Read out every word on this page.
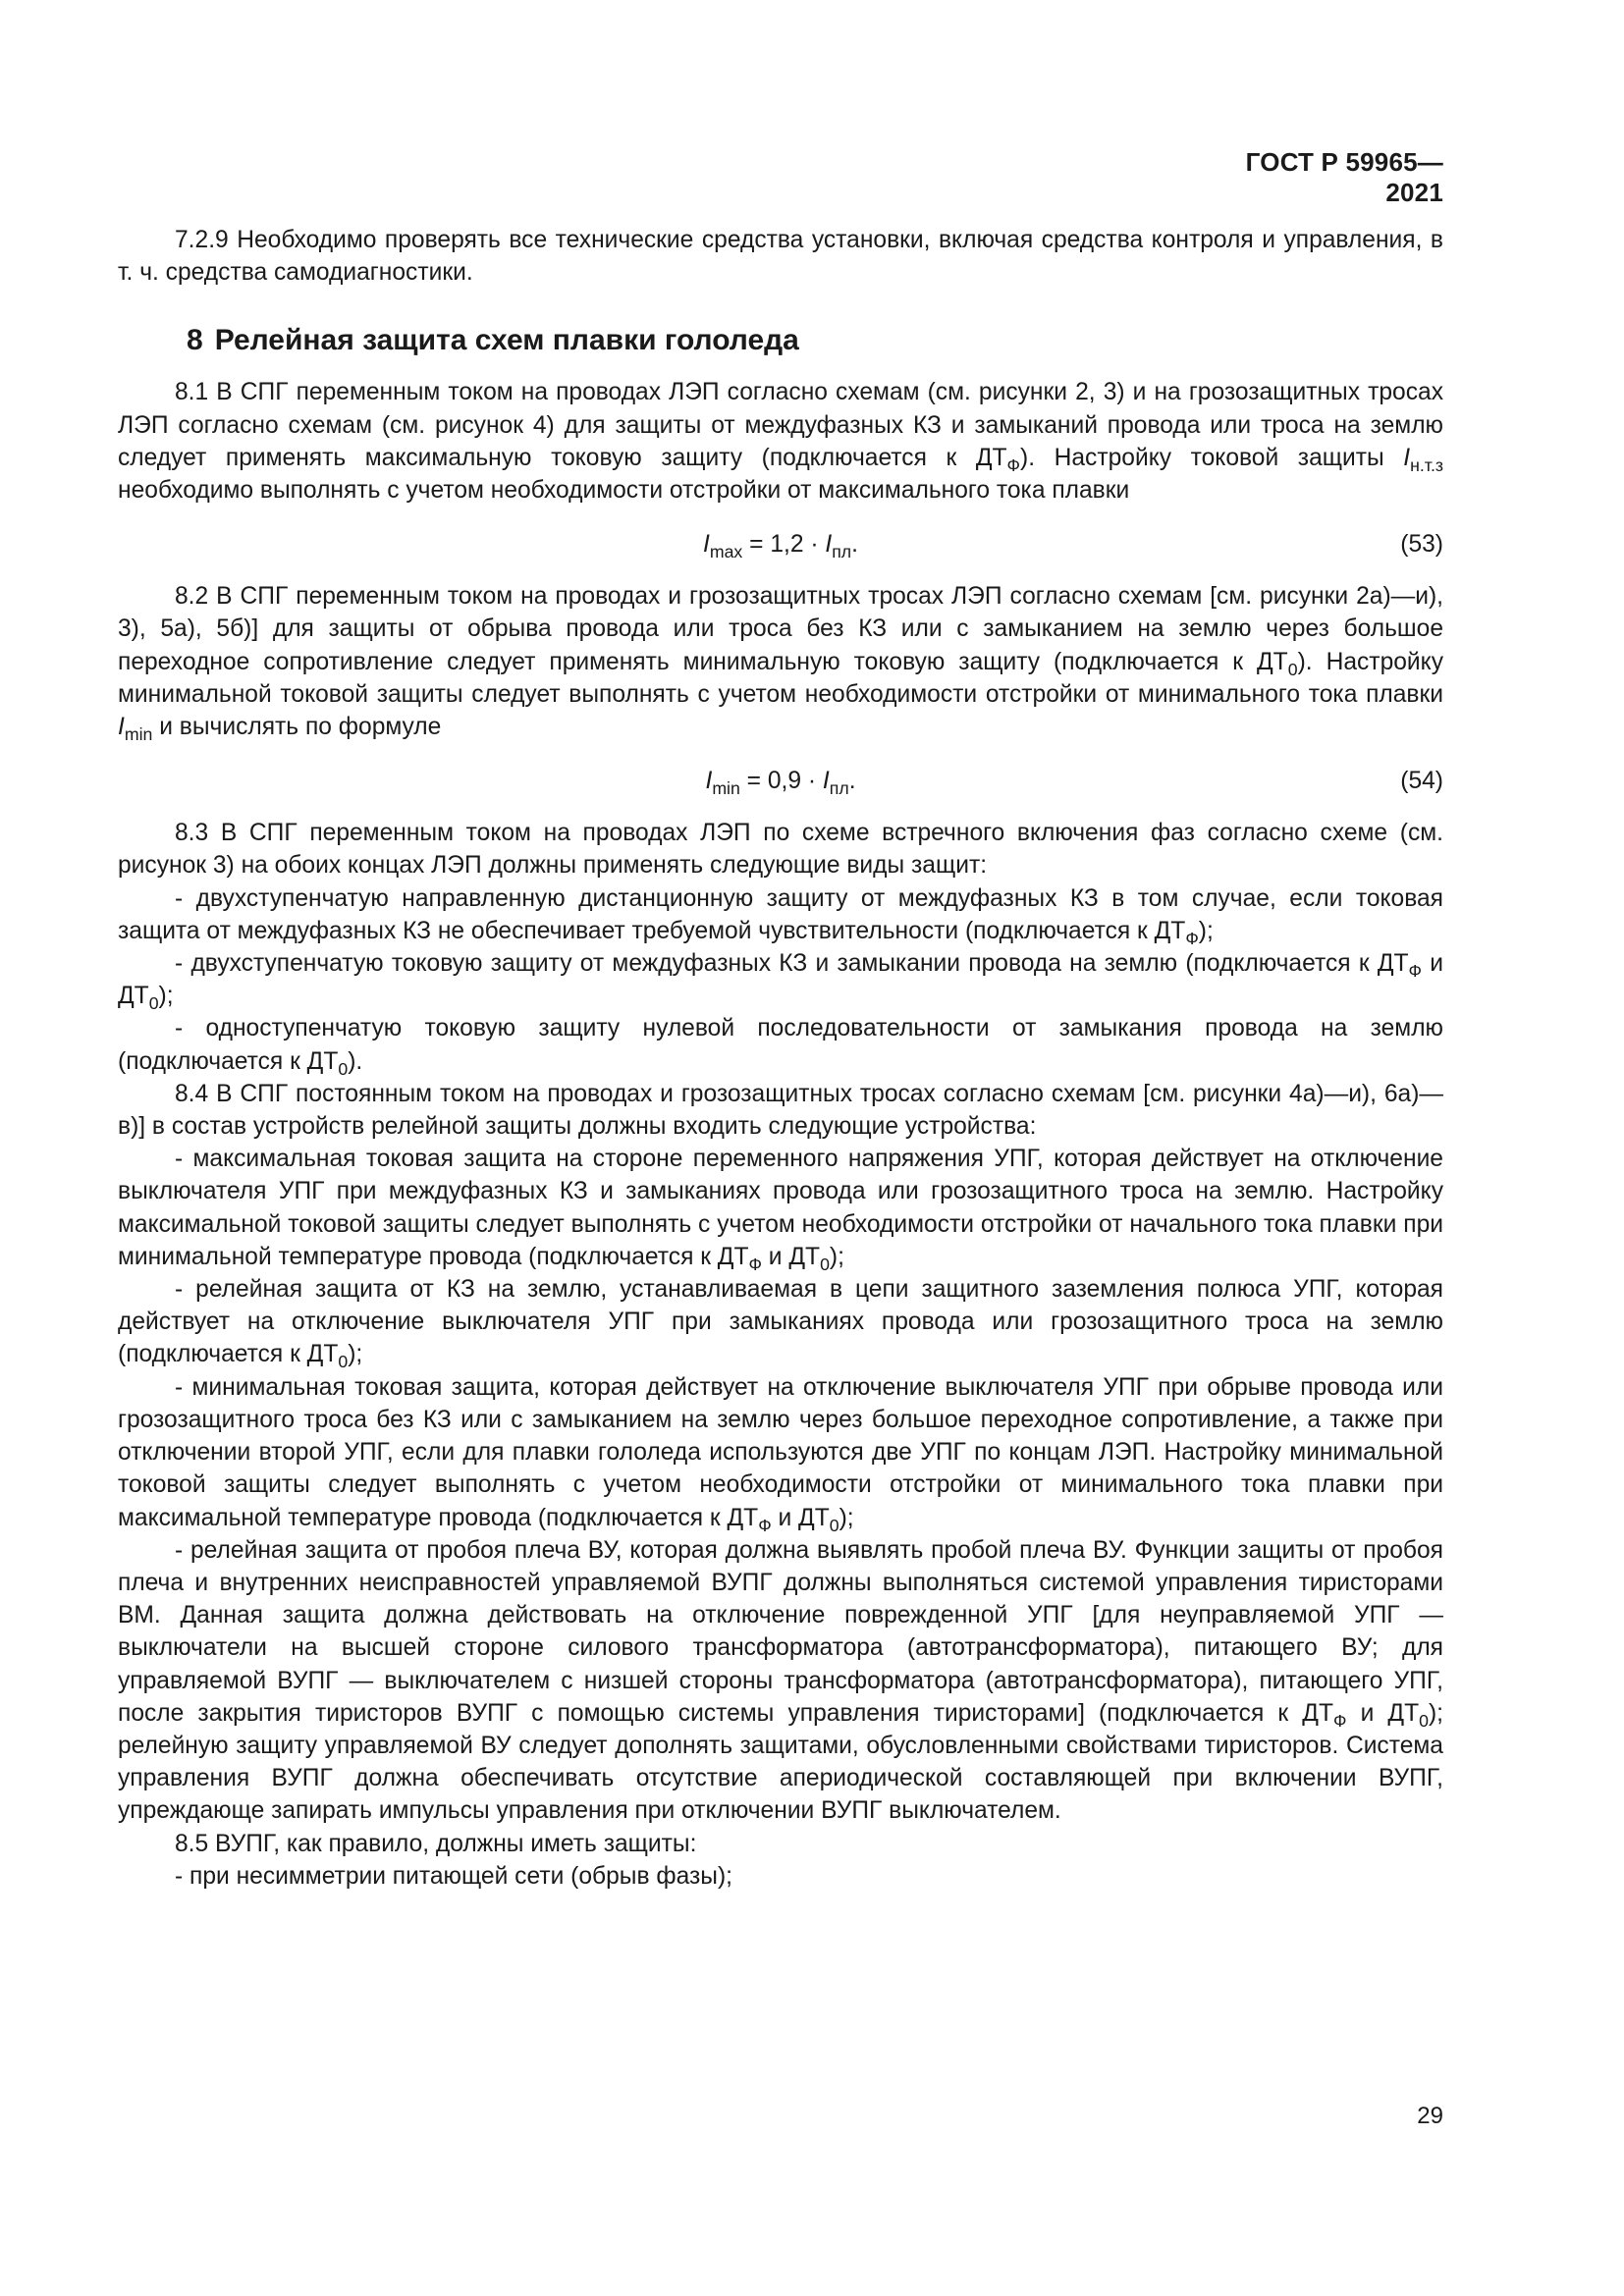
ГОСТ Р 59965—2021

7.2.9 Необходимо проверять все технические средства установки, включая средства контроля и управления, в т. ч. средства самодиагностики.

8 Релейная защита схем плавки гололеда

8.1 В СПГ переменным током на проводах ЛЭП согласно схемам (см. рисунки 2, 3) и на грозозащитных тросах ЛЭП согласно схемам (см. рисунок 4) для защиты от междуфазных КЗ и замыканий провода или троса на землю следует применять максимальную токовую защиту (подключается к $ДТ_Ф$). Настройку токовой защиты $I_{н.т.з}$ необходимо выполнять с учетом необходимости отстройки от максимального тока плавки

$I_{max} = 1,2 \cdot I_{пл}$.	(53)

8.2 В СПГ переменным током на проводах и грозозащитных тросах ЛЭП согласно схемам [см. рисунки 2а)—и), 3), 5а), 5б)] для защиты от обрыва провода или троса без КЗ или с замыканием на землю через большое переходное сопротивление следует применять минимальную токовую защиту (подключается к $ДТ_0$). Настройку минимальной токовой защиты следует выполнять с учетом необходимости отстройки от минимального тока плавки $I_{min}$ и вычислять по формуле

$I_{min} = 0,9 \cdot I_{пл}$.	(54)

8.3 В СПГ переменным током на проводах ЛЭП по схеме встречного включения фаз согласно схеме (см. рисунок 3) на обоих концах ЛЭП должны применять следующие виды защит:

- двухступенчатую направленную дистанционную защиту от междуфазных КЗ в том случае, если токовая защита от междуфазных КЗ не обеспечивает требуемой чувствительности (подключается к $ДТ_Ф$);

- двухступенчатую токовую защиту от междуфазных КЗ и замыкании провода на землю (подключается к $ДТ_Ф$ и $ДТ_0$);

- одноступенчатую токовую защиту нулевой последовательности от замыкания провода на землю (подключается к $ДТ_0$).

8.4 В СПГ постоянным током на проводах и грозозащитных тросах согласно схемам [см. рисунки 4а)—и), 6а)—в)] в состав устройств релейной защиты должны входить следующие устройства:

- максимальная токовая защита на стороне переменного напряжения УПГ, которая действует на отключение выключателя УПГ при междуфазных КЗ и замыканиях провода или грозозащитного троса на землю. Настройку максимальной токовой защиты следует выполнять с учетом необходимости отстройки от начального тока плавки при минимальной температуре провода (подключается к $ДТ_Ф$ и $ДТ_0$);

- релейная защита от КЗ на землю, устанавливаемая в цепи защитного заземления полюса УПГ, которая действует на отключение выключателя УПГ при замыканиях провода или грозозащитного троса на землю (подключается к $ДТ_0$);

- минимальная токовая защита, которая действует на отключение выключателя УПГ при обрыве провода или грозозащитного троса без КЗ или с замыканием на землю через большое переходное сопротивление, а также при отключении второй УПГ, если для плавки гололеда используются две УПГ по концам ЛЭП. Настройку минимальной токовой защиты следует выполнять с учетом необходимости отстройки от минимального тока плавки при максимальной температуре провода (подключается к $ДТ_Ф$ и $ДТ_0$);

- релейная защита от пробоя плеча ВУ, которая должна выявлять пробой плеча ВУ. Функции защиты от пробоя плеча и внутренних неисправностей управляемой ВУПГ должны выполняться системой управления тиристорами ВМ. Данная защита должна действовать на отключение поврежденной УПГ [для неуправляемой УПГ — выключатели на высшей стороне силового трансформатора (автотрансформатора), питающего ВУ; для управляемой ВУПГ — выключателем с низшей стороны трансформатора (автотрансформатора), питающего УПГ, после закрытия тиристоров ВУПГ с помощью системы управления тиристорами] (подключается к $ДТ_Ф$ и $ДТ_0$); релейную защиту управляемой ВУ следует дополнять защитами, обусловленными свойствами тиристоров. Система управления ВУПГ должна обеспечивать отсутствие апериодической составляющей при включении ВУПГ, упреждающе запирать импульсы управления при отключении ВУПГ выключателем.

8.5 ВУПГ, как правило, должны иметь защиты:

- при несимметрии питающей сети (обрыв фазы);

29
